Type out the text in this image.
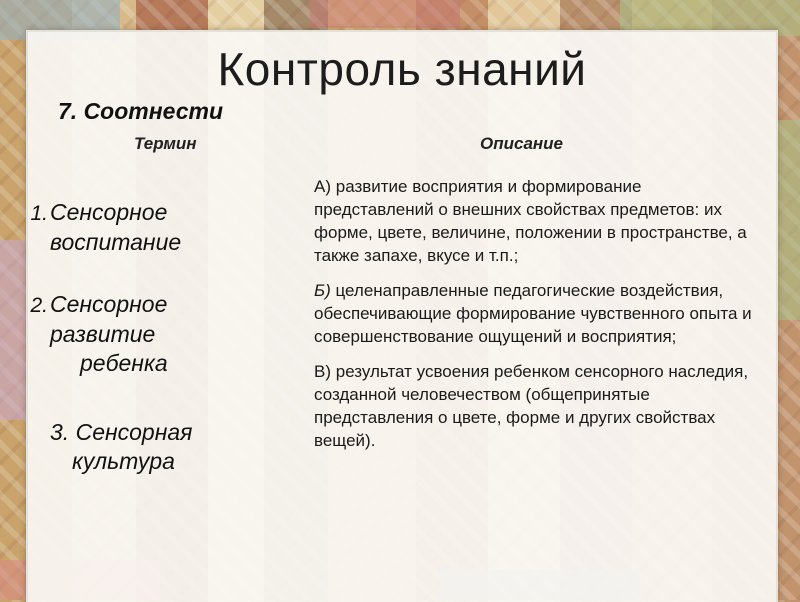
Контроль знаний
7. Соотнести
Термин	Описание
1.Сенсорное
воспитание
2.Сенсорное
развитие
ребенка
3. Сенсорная
культура

А) развитие восприятия и формирование представлений о внешних свойствах предметов: их форме, цвете, величине, положении в пространстве, а также запахе, вкусе и т.п.;

Б) целенаправленные педагогические воздействия, обеспечивающие формирование чувственного опыта и совершенствование ощущений и восприятия;

В) результат усвоения ребенком сенсорного наследия, созданной человечеством (общепринятые представления о цвете, форме и других свойствах вещей).
